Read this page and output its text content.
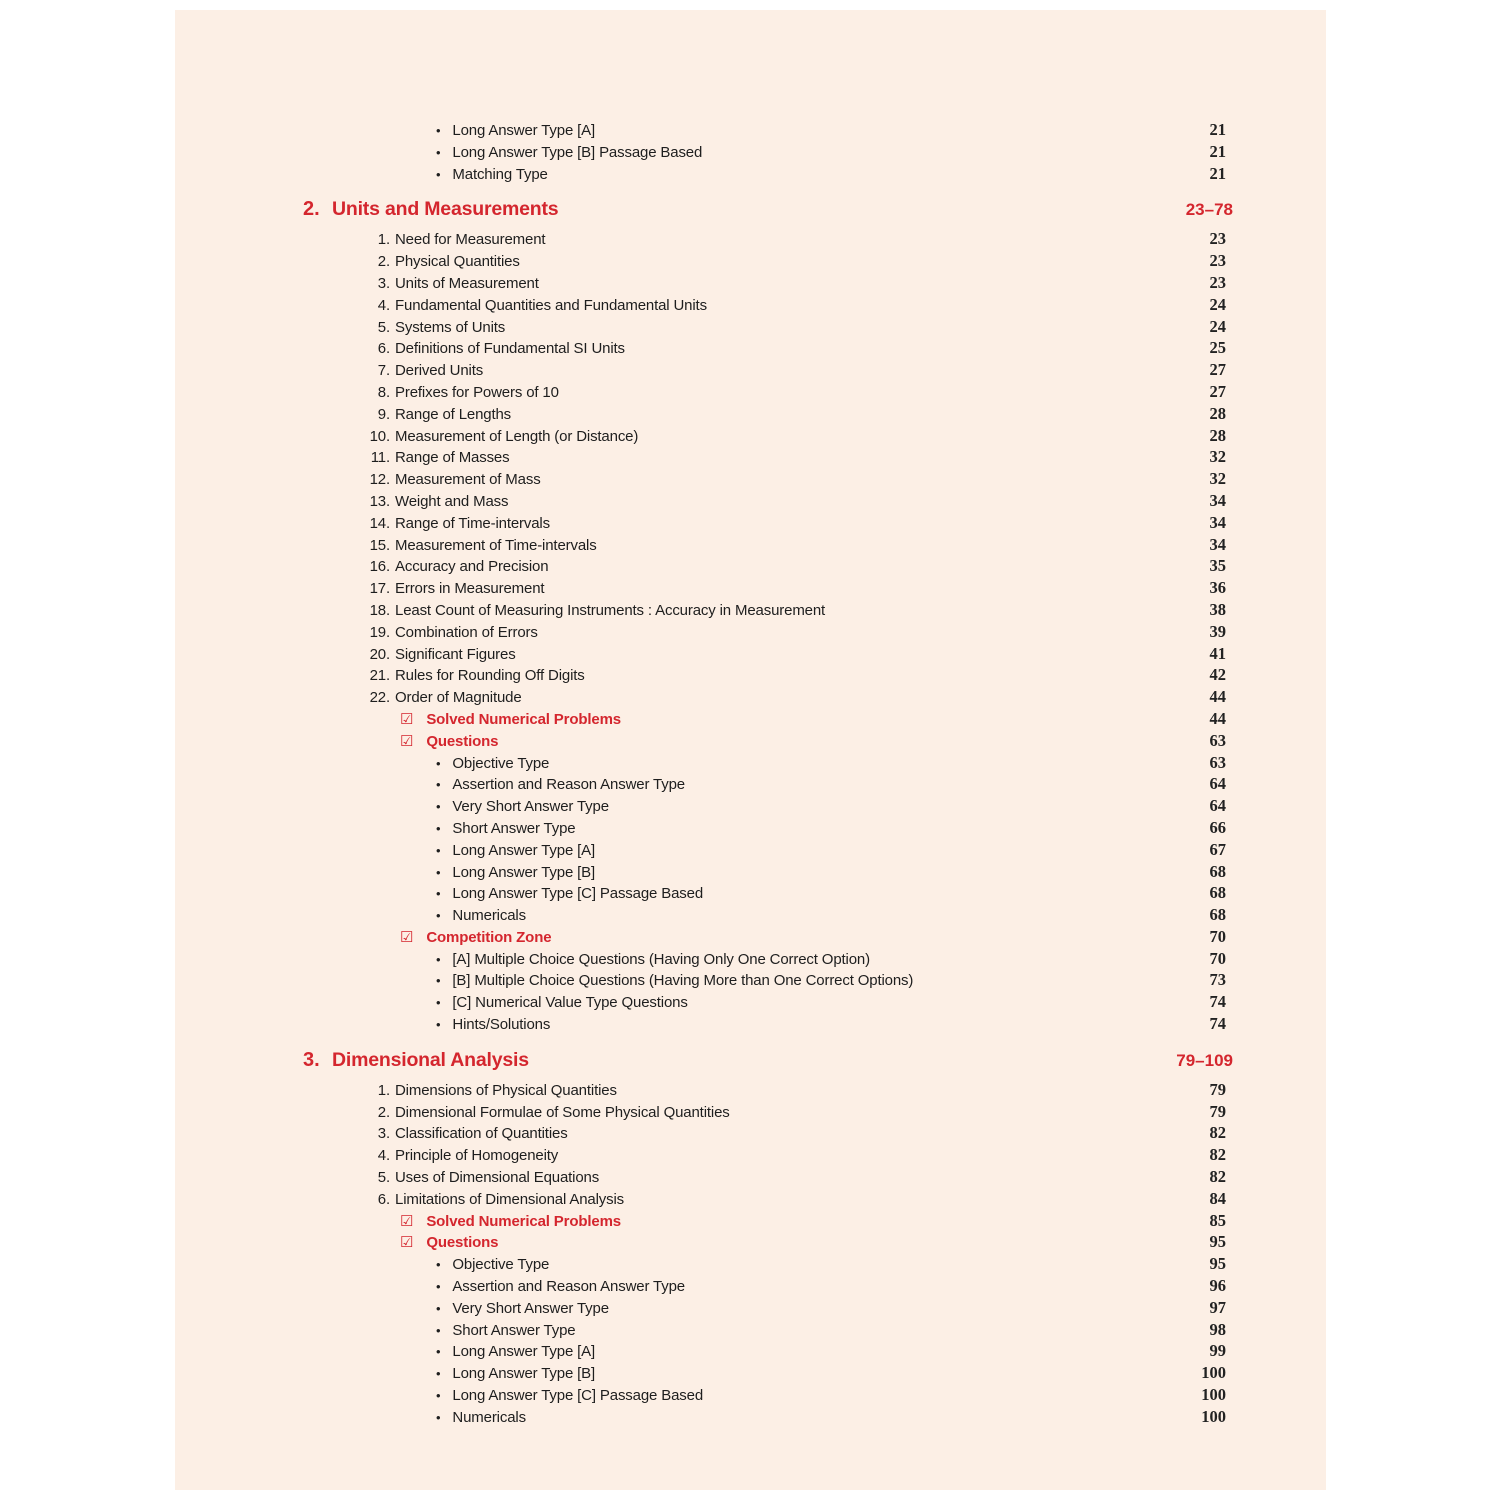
• Long Answer Type [A]	21
• Long Answer Type [B] Passage Based	21
• Matching Type	21
2. Units and Measurements	23–78
1. Need for Measurement	23
2. Physical Quantities	23
3. Units of Measurement	23
4. Fundamental Quantities and Fundamental Units	24
5. Systems of Units	24
6. Definitions of Fundamental SI Units	25
7. Derived Units	27
8. Prefixes for Powers of 10	27
9. Range of Lengths	28
10. Measurement of Length (or Distance)	28
11. Range of Masses	32
12. Measurement of Mass	32
13. Weight and Mass	34
14. Range of Time-intervals	34
15. Measurement of Time-intervals	34
16. Accuracy and Precision	35
17. Errors in Measurement	36
18. Least Count of Measuring Instruments : Accuracy in Measurement	38
19. Combination of Errors	39
20. Significant Figures	41
21. Rules for Rounding Off Digits	42
22. Order of Magnitude	44
☑ Solved Numerical Problems	44
☑ Questions	63
• Objective Type	63
• Assertion and Reason Answer Type	64
• Very Short Answer Type	64
• Short Answer Type	66
• Long Answer Type [A]	67
• Long Answer Type [B]	68
• Long Answer Type [C] Passage Based	68
• Numericals	68
☑ Competition Zone	70
• [A] Multiple Choice Questions (Having Only One Correct Option)	70
• [B] Multiple Choice Questions (Having More than One Correct Options)	73
• [C] Numerical Value Type Questions	74
• Hints/Solutions	74
3. Dimensional Analysis	79–109
1. Dimensions of Physical Quantities	79
2. Dimensional Formulae of Some Physical Quantities	79
3. Classification of Quantities	82
4. Principle of Homogeneity	82
5. Uses of Dimensional Equations	82
6. Limitations of Dimensional Analysis	84
☑ Solved Numerical Problems	85
☑ Questions	95
• Objective Type	95
• Assertion and Reason Answer Type	96
• Very Short Answer Type	97
• Short Answer Type	98
• Long Answer Type [A]	99
• Long Answer Type [B]	100
• Long Answer Type [C] Passage Based	100
• Numericals	100
